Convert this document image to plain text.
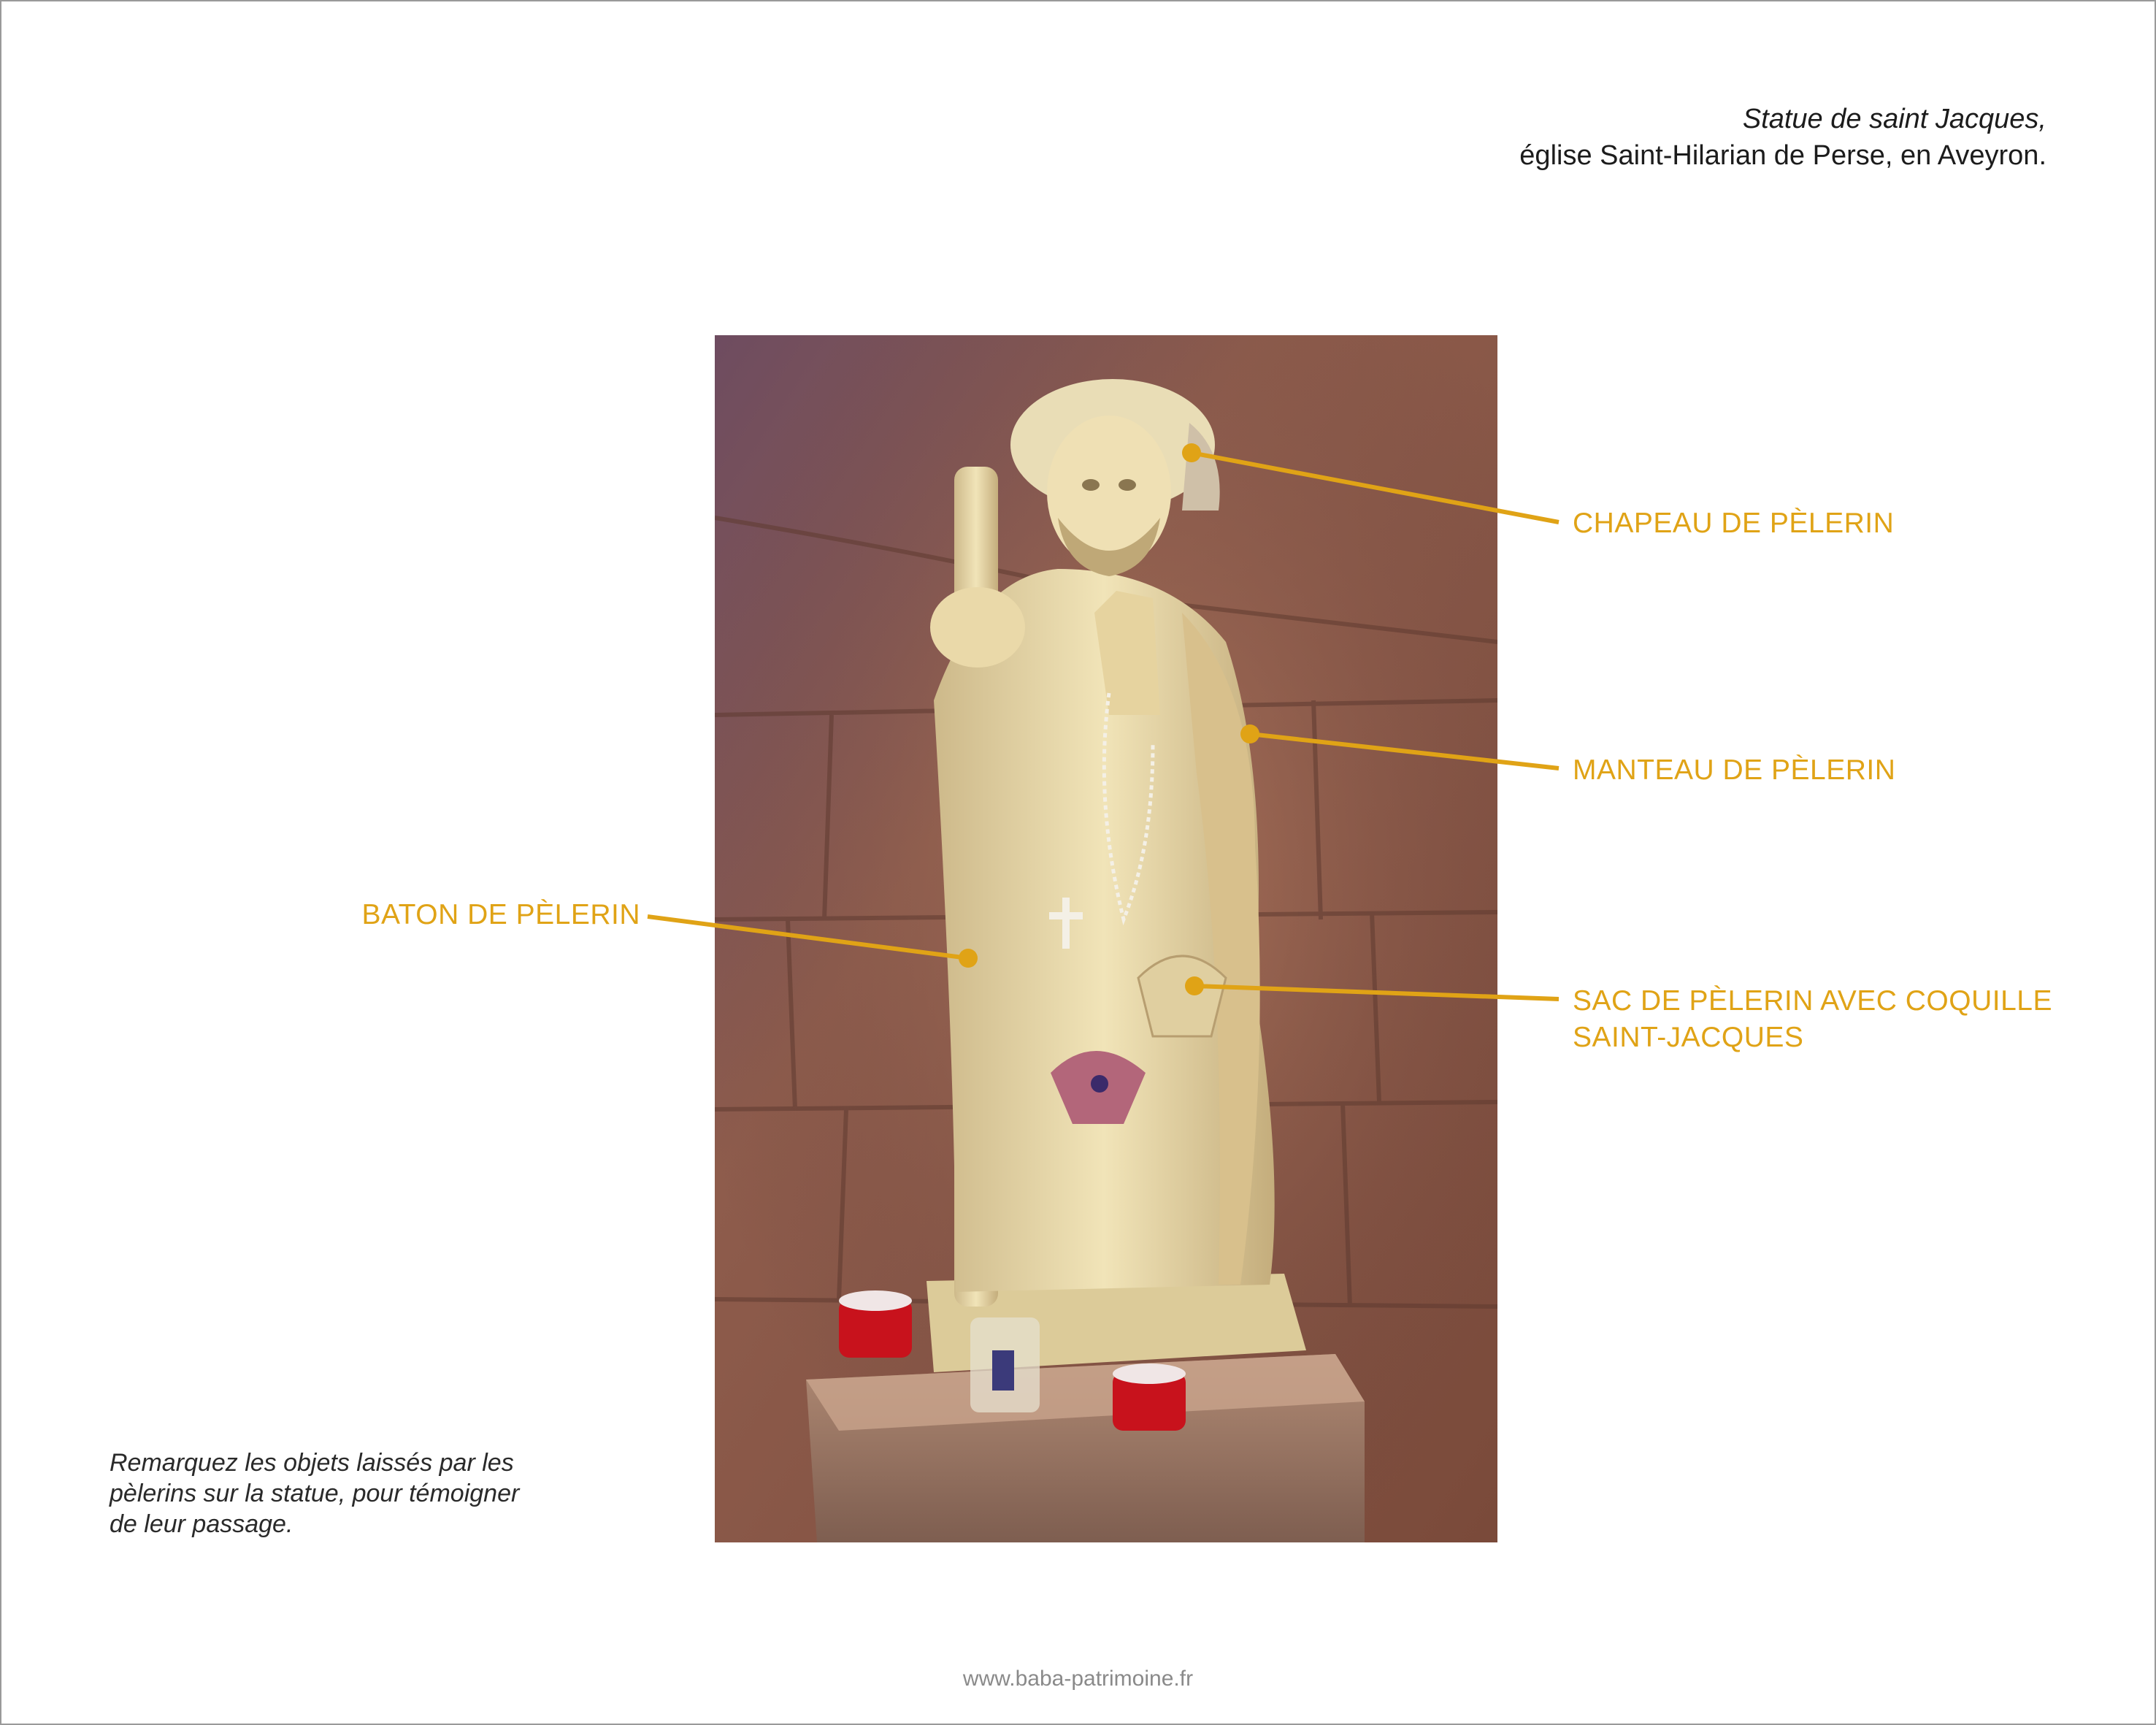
Statue de saint Jacques,
église Saint-Hilarian de Perse, en Aveyron.
CHAPEAU DE PÈLERIN
MANTEAU DE PÈLERIN
BATON DE PÈLERIN
SAC DE PÈLERIN AVEC COQUILLE
SAINT-JACQUES
Remarquez les objets laissés par les pèlerins sur la statue, pour témoigner de leur passage.
www.baba-patrimoine.fr
